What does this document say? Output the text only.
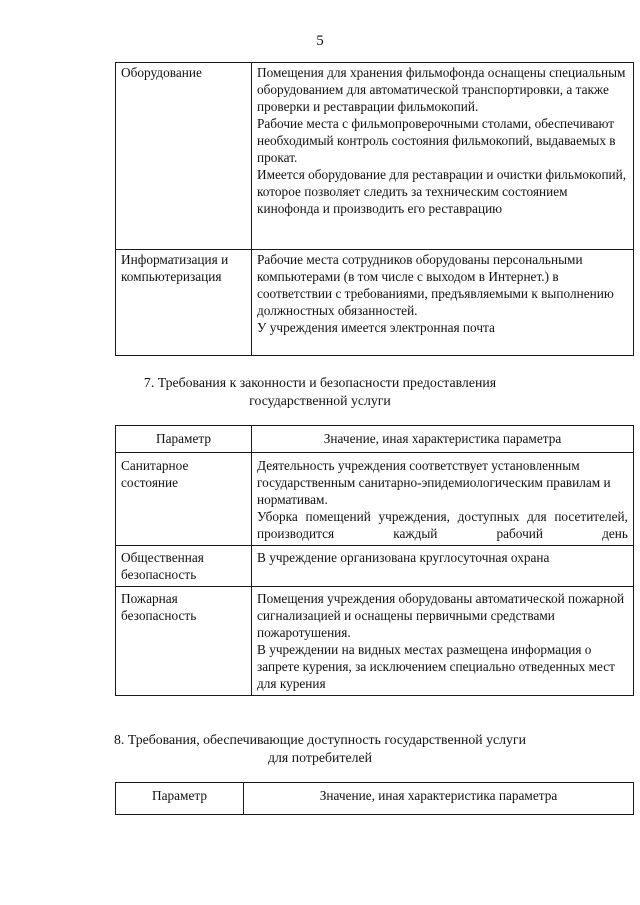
5
Оборудование	Помещения для хранения фильмофонда оснащены специальным оборудованием для автоматической транспортировки, а также проверки и реставрации фильмокопий.

Рабочие места с фильмопроверочными столами, обеспечивают необходимый контроль состояния фильмокопий, выдаваемых в прокат.

Имеется оборудование для реставрации и очистки фильмокопий, которое позволяет следить за техническим состоянием кинофонда и производить его реставрацию

Информатизация и компьютеризация	Рабочие места сотрудников оборудованы персональными компьютерами (в том числе с выходом в Интернет.) в соответствии с требованиями, предъявляемыми к выполнению должностных обязанностей.

У учреждения имеется электронная почта

7. Требования к законности и безопасности предоставления
государственной услуги
Параметр	Значение, иная характеристика параметра
Санитарное состояние	Деятельность учреждения соответствует установленным государственным санитарно-эпидемиологическим правилам и нормативам.

Уборка помещений учреждения, доступных для посетителей, производится каждый рабочий день

Общественная безопасность	В учреждение организована круглосуточная охрана

Пожарная безопасность	Помещения учреждения оборудованы автоматической пожарной сигнализацией и оснащены первичными средствами пожаротушения.

В учреждении на видных местах размещена информация о запрете курения, за исключением специально отведенных мест для курения

8. Требования, обеспечивающие доступность государственной услуги
для потребителей
Параметр	Значение, иная характеристика параметра
